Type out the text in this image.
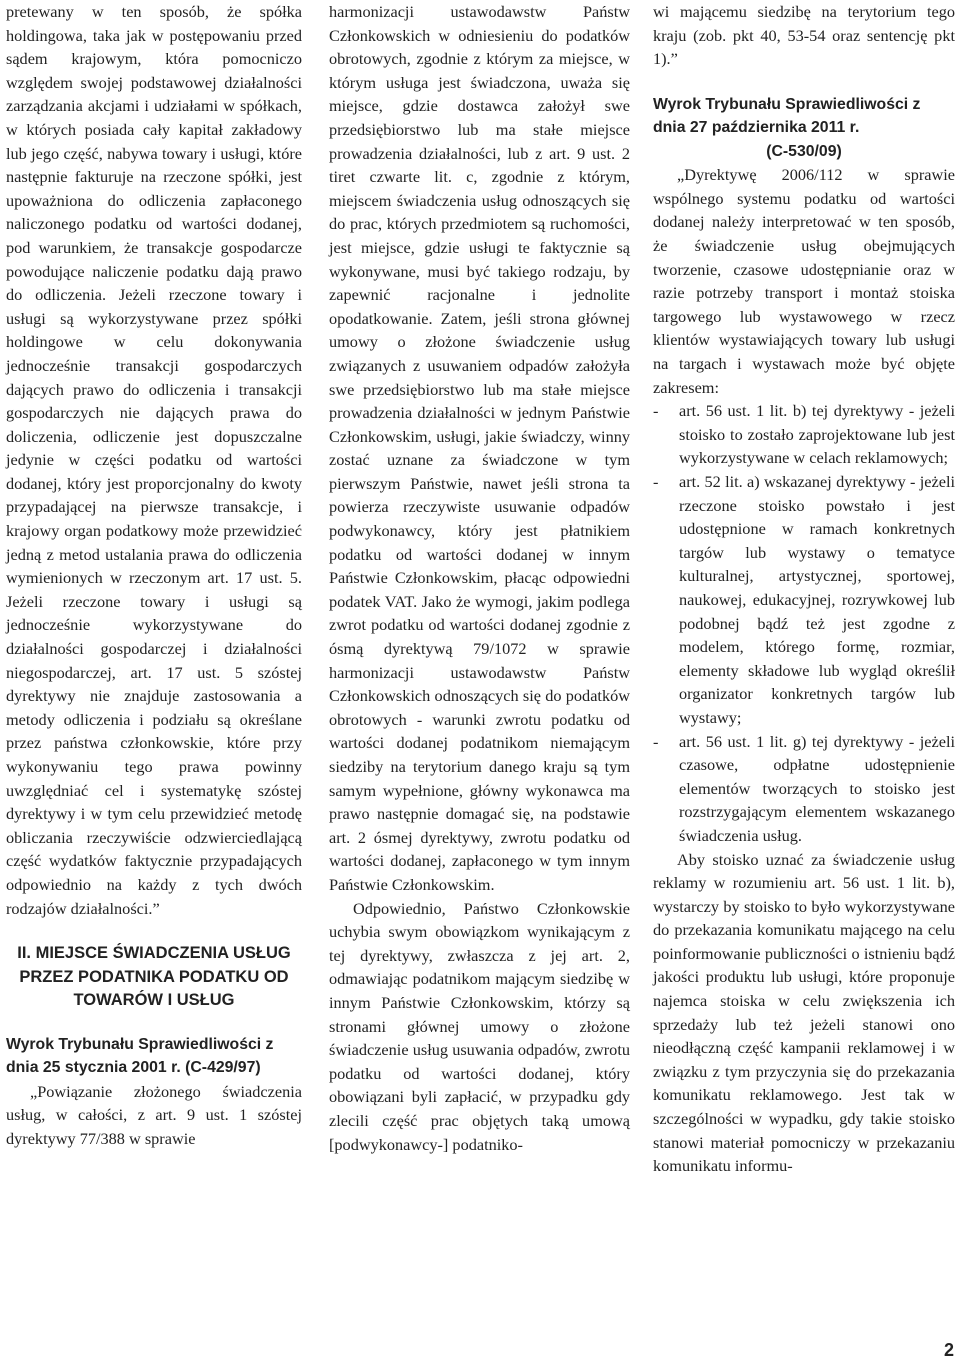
pretewany w ten sposób, że spółka holdingowa, taka jak w postępowaniu przed sądem krajowym, która pomocniczo względem swojej podstawowej działalności zarządzania akcjami i udziałami w spółkach, w których posiada cały kapitał zakładowy lub jego część, nabywa towary i usługi, które następnie fakturuje na rzeczone spółki, jest upoważniona do odliczenia zapłaconego naliczonego podatku od wartości dodanej, pod warunkiem, że transakcje gospodarcze powodujące naliczenie podatku dają prawo do odliczenia. Jeżeli rzeczone towary i usługi są wykorzystywane przez spółki holdingowe w celu dokonywania jednocześnie transakcji gospodarczych dających prawo do odliczenia i transakcji gospodarczych nie dających prawa do doliczenia, odliczenie jest dopuszczalne jedynie w części podatku od wartości dodanej, który jest proporcjonalny do kwoty przypadającej na pierwsze transakcje, i krajowy organ podatkowy może przewidzieć jedną z metod ustalania prawa do odliczenia wymienionych w rzeczonym art. 17 ust. 5. Jeżeli rzeczone towary i usługi są jednocześnie wykorzystywane do działalności gospodarczej i działalności niegospodarczej, art. 17 ust. 5 szóstej dyrektywy nie znajduje zastosowania a metody odliczenia i podziału są określane przez państwa członkowskie, które przy wykonywaniu tego prawa powinny uwzględniać cel i systematykę szóstej dyrektywy i w tym celu przewidzieć metodę obliczania rzeczywiście odzwierciedlającą część wydatków faktycznie przypadających odpowiednio na każdy z tych dwóch rodzajów działalności.”

II. MIEJSCE ŚWIADCZENIA USŁUG PRZEZ PODATNIKA PODATKU OD TOWARÓW I USŁUG
Wyrok Trybunału Sprawiedliwości z dnia 25 stycznia 2001 r. (C-429/97)

„Powiązanie złożonego świadczenia usług, w całości, z art. 9 ust. 1 szóstej dyrektywy 77/388 w sprawie

harmonizacji ustawodawstw Państw Członkowskich w odniesieniu do podatków obrotowych, zgodnie z którym za miejsce, w którym usługa jest świadczona, uważa się miejsce, gdzie dostawca założył swe przedsiębiorstwo lub ma stałe miejsce prowadzenia działalności, lub z art. 9 ust. 2 tiret czwarte lit. c, zgodnie z którym, miejscem świadczenia usług odnoszących się do prac, których przedmiotem są ruchomości, jest miejsce, gdzie usługi te faktycznie są wykonywane, musi być takiego rodzaju, by zapewnić racjonalne i jednolite opodatkowanie. Zatem, jeśli strona głównej umowy o złożone świadczenie usług związanych z usuwaniem odpadów założyła swe przedsiębiorstwo lub ma stałe miejsce prowadzenia działalności w jednym Państwie Członkowskim, usługi, jakie świadczy, winny zostać uznane za świadczone w tym pierwszym Państwie, nawet jeśli strona ta powierza rzeczywiste usuwanie odpadów podwykonawcy, który jest płatnikiem podatku od wartości dodanej w innym Państwie Członkowskim, płacąc odpowiedni podatek VAT. Jako że wymogi, jakim podlega zwrot podatku od wartości dodanej zgodnie z ósmą dyrektywą 79/1072 w sprawie harmonizacji ustawodawstw Państw Członkowskich odnoszących się do podatków obrotowych - warunki zwrotu podatku od wartości dodanej podatnikom niemającym siedziby na terytorium danego kraju są tym samym wypełnione, główny wykonawca ma prawo następnie domagać się, na podstawie art. 2 ósmej dyrektywy, zwrotu podatku od wartości dodanej, zapłaconego w tym innym Państwie Członkowskim.

Odpowiednio, Państwo Członkowskie uchybia swym obowiązkom wynikającym z tej dyrektywy, zwłaszcza z jej art. 2, odmawiając podatnikom mającym siedzibę w innym Państwie Członkowskim, którzy są stronami głównej umowy o złożone świadczenie usług usuwania odpadów, zwrotu podatku od wartości dodanej, który obowiązani byli zapłacić, w przypadku gdy zlecili część prac objętych taką umową [podwykonawcy-] podatniko-

wi mającemu siedzibę na terytorium tego kraju (zob. pkt 40, 53-54 oraz sentencję pkt 1).”

Wyrok Trybunału Sprawiedliwości z dnia 27 października 2011 r.
(C-530/09)

„Dyrektywę 2006/112 w sprawie wspólnego systemu podatku od wartości dodanej należy interpretować w ten sposób, że świadczenie usług obejmujących tworzenie, czasowe udostępnianie oraz w razie potrzeby transport i montaż stoiska targowego lub wystawowego w rzecz klientów wystawiających towary lub usługi na targach i wystawach może być objęte zakresem:

- art. 56 ust. 1 lit. b) tej dyrektywy - jeżeli stoisko to zostało zaprojektowane lub jest wykorzystywane w celach reklamowych;
- art. 52 lit. a) wskazanej dyrektywy - jeżeli rzeczone stoisko powstało i jest udostępnione w ramach konkretnych targów lub wystawy o tematyce kulturalnej, artystycznej, sportowej, naukowej, edukacyjnej, rozrywkowej lub podobnej bądź też jest zgodne z modelem, którego formę, rozmiar, elementy składowe lub wygląd określił organizator konkretnych targów lub wystawy;
- art. 56 ust. 1 lit. g) tej dyrektywy - jeżeli czasowe, odpłatne udostępnienie elementów tworzących to stoisko jest rozstrzygającym elementem wskazanego świadczenia usług.

Aby stoisko uznać za świadczenie usług reklamy w rozumieniu art. 56 ust. 1 lit. b), wystarczy by stoisko to było wykorzystywane do przekazania komunikatu mającego na celu poinformowanie publiczności o istnieniu bądź jakości produktu lub usługi, które proponuje najemca stoiska w celu zwiększenia ich sprzedaży lub też jeżeli stanowi ono nieodłączną część kampanii reklamowej i w związku z tym przyczynia się do przekazania komunikatu reklamowego. Jest tak w szczególności w wypadku, gdy takie stoisko stanowi materiał pomocniczy w przekazaniu komunikatu informu-

2
